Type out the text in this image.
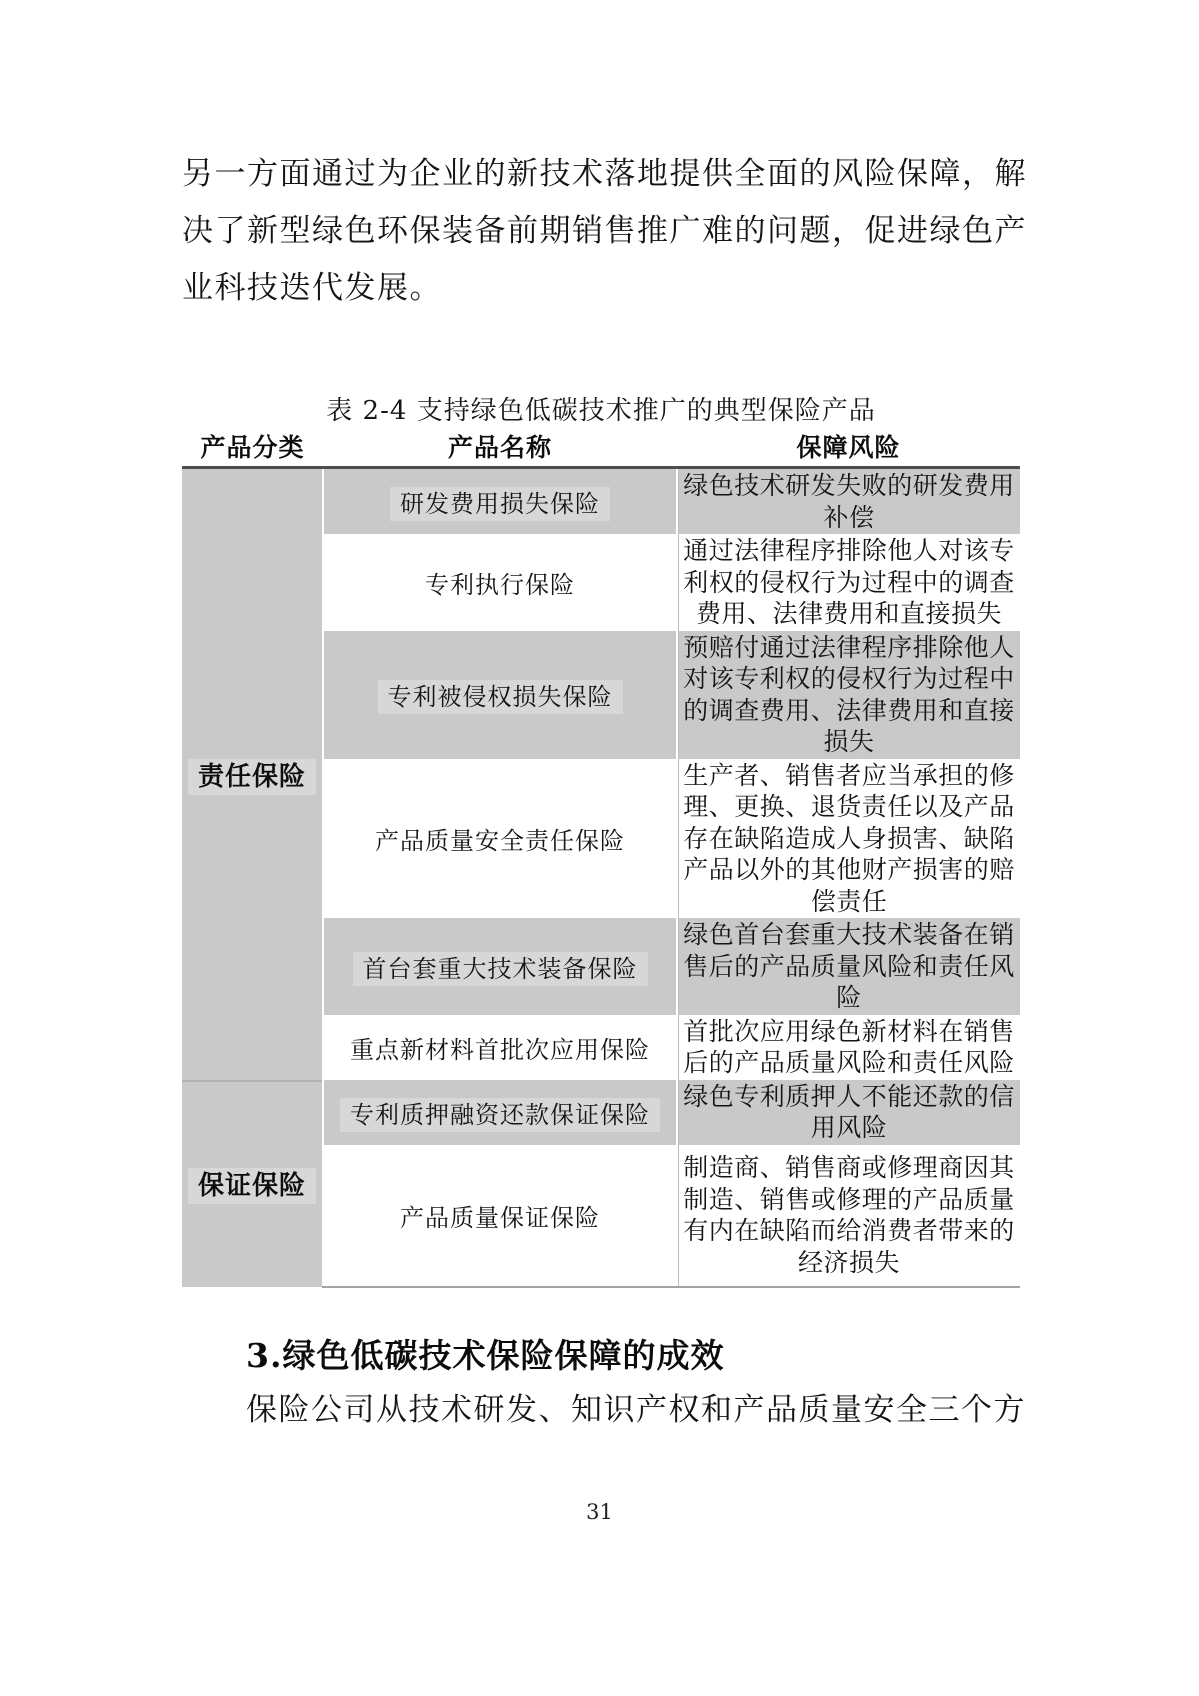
另一方面通过为企业的新技术落地提供全面的风险保障，解
决了新型绿色环保装备前期销售推广难的问题，促进绿色产
业科技迭代发展。
表 2-4 支持绿色低碳技术推广的典型保险产品
产品分类	产品名称	保障风险
责任保险	研发费用损失保险	绿色技术研发失败的研发费用补偿
	专利执行保险	通过法律程序排除他人对该专利权的侵权行为过程中的调查费用、法律费用和直接损失
	专利被侵权损失保险	预赔付通过法律程序排除他人对该专利权的侵权行为过程中的调查费用、法律费用和直接损失
	产品质量安全责任保险	生产者、销售者应当承担的修理、更换、退货责任以及产品存在缺陷造成人身损害、缺陷产品以外的其他财产损害的赔偿责任
	首台套重大技术装备保险	绿色首台套重大技术装备在销售后的产品质量风险和责任风险
	重点新材料首批次应用保险	首批次应用绿色新材料在销售后的产品质量风险和责任风险
保证保险	专利质押融资还款保证保险	绿色专利质押人不能还款的信用风险
	产品质量保证保险	制造商、销售商或修理商因其制造、销售或修理的产品质量有内在缺陷而给消费者带来的经济损失
3.绿色低碳技术保险保障的成效
保险公司从技术研发、知识产权和产品质量安全三个方
31
